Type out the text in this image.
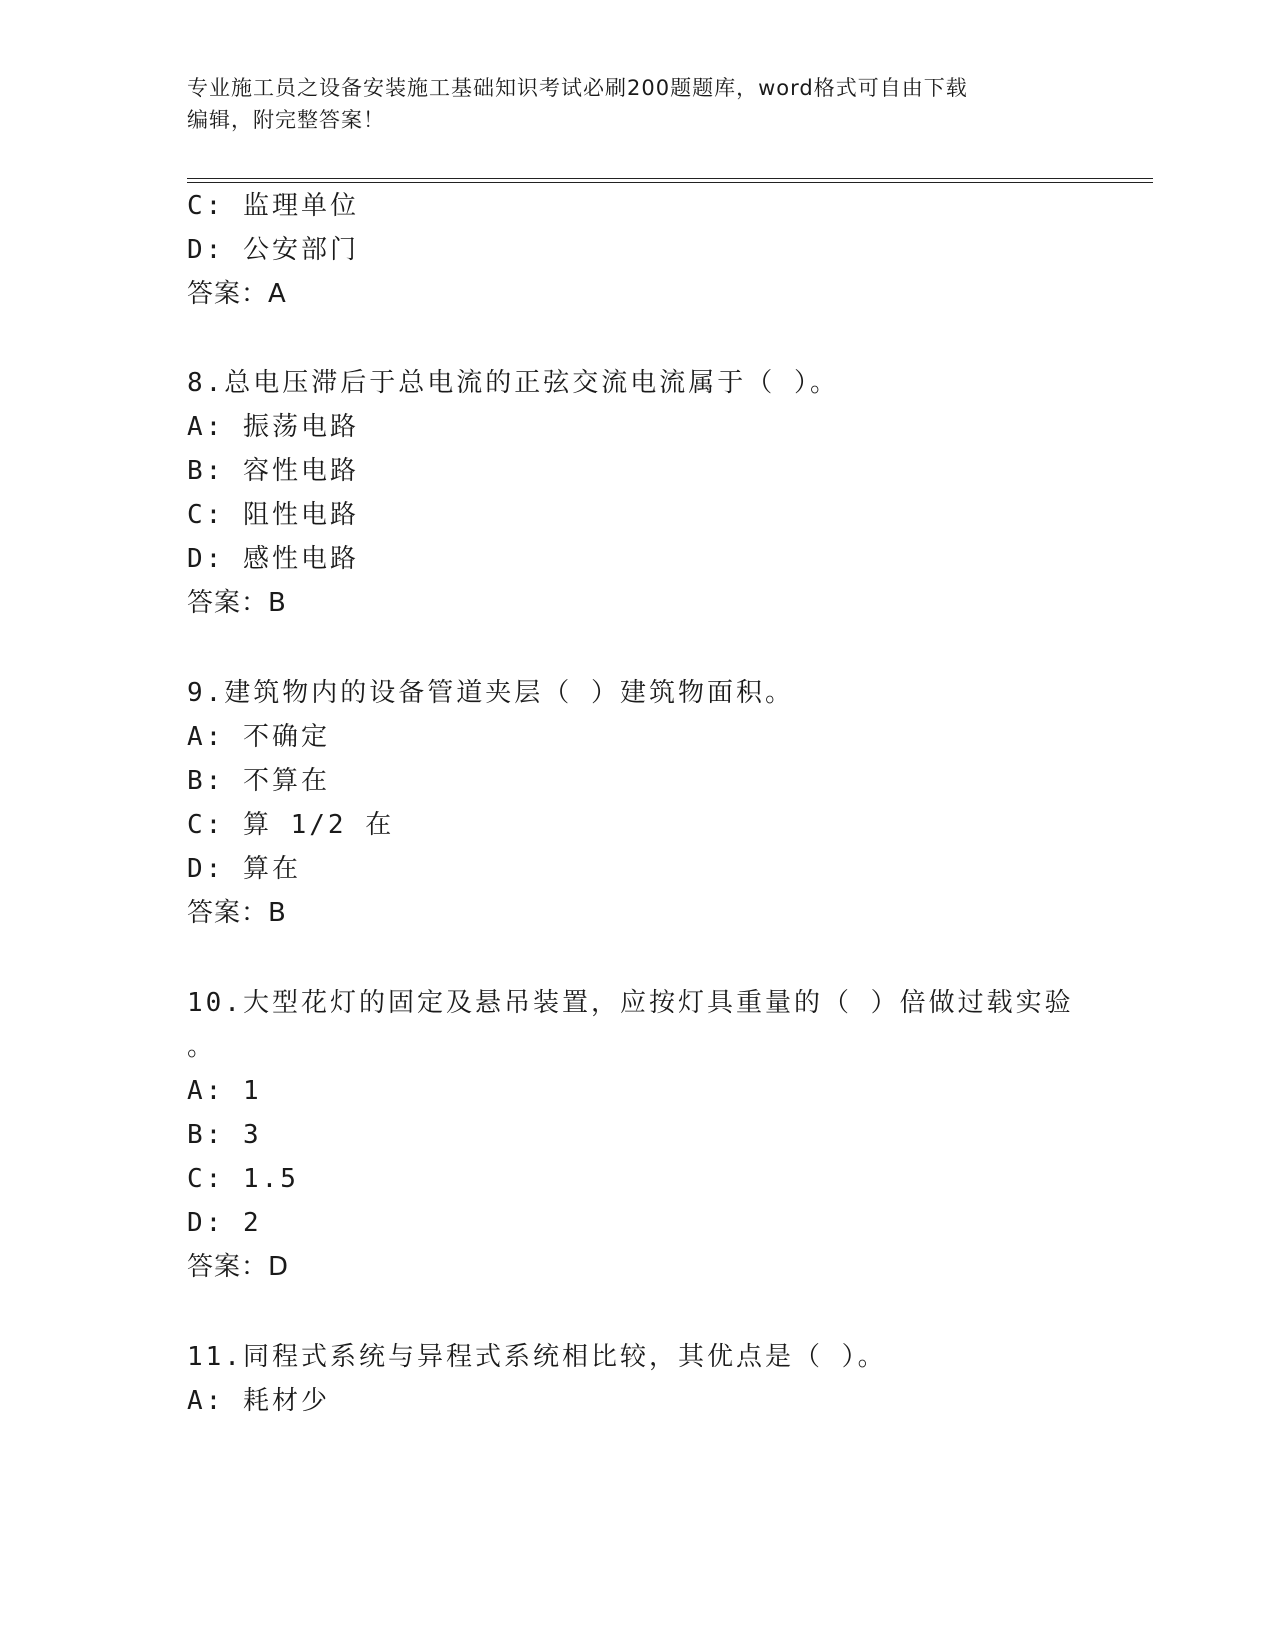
专业施工员之设备安装施工基础知识考试必刷200题题库，word格式可自由下载
编辑，附完整答案！
C: 监理单位
D: 公安部门
答案：A
8.总电压滞后于总电流的正弦交流电流属于（ ）。
A: 振荡电路
B: 容性电路
C: 阻性电路
D: 感性电路
答案：B
9.建筑物内的设备管道夹层（ ）建筑物面积。
A: 不确定
B: 不算在
C: 算 1/2 在
D: 算在
答案：B
10.大型花灯的固定及悬吊装置，应按灯具重量的（ ）倍做过载实验
。
A: 1
B: 3
C: 1.5
D: 2
答案：D
11.同程式系统与异程式系统相比较，其优点是（ ）。
A: 耗材少
